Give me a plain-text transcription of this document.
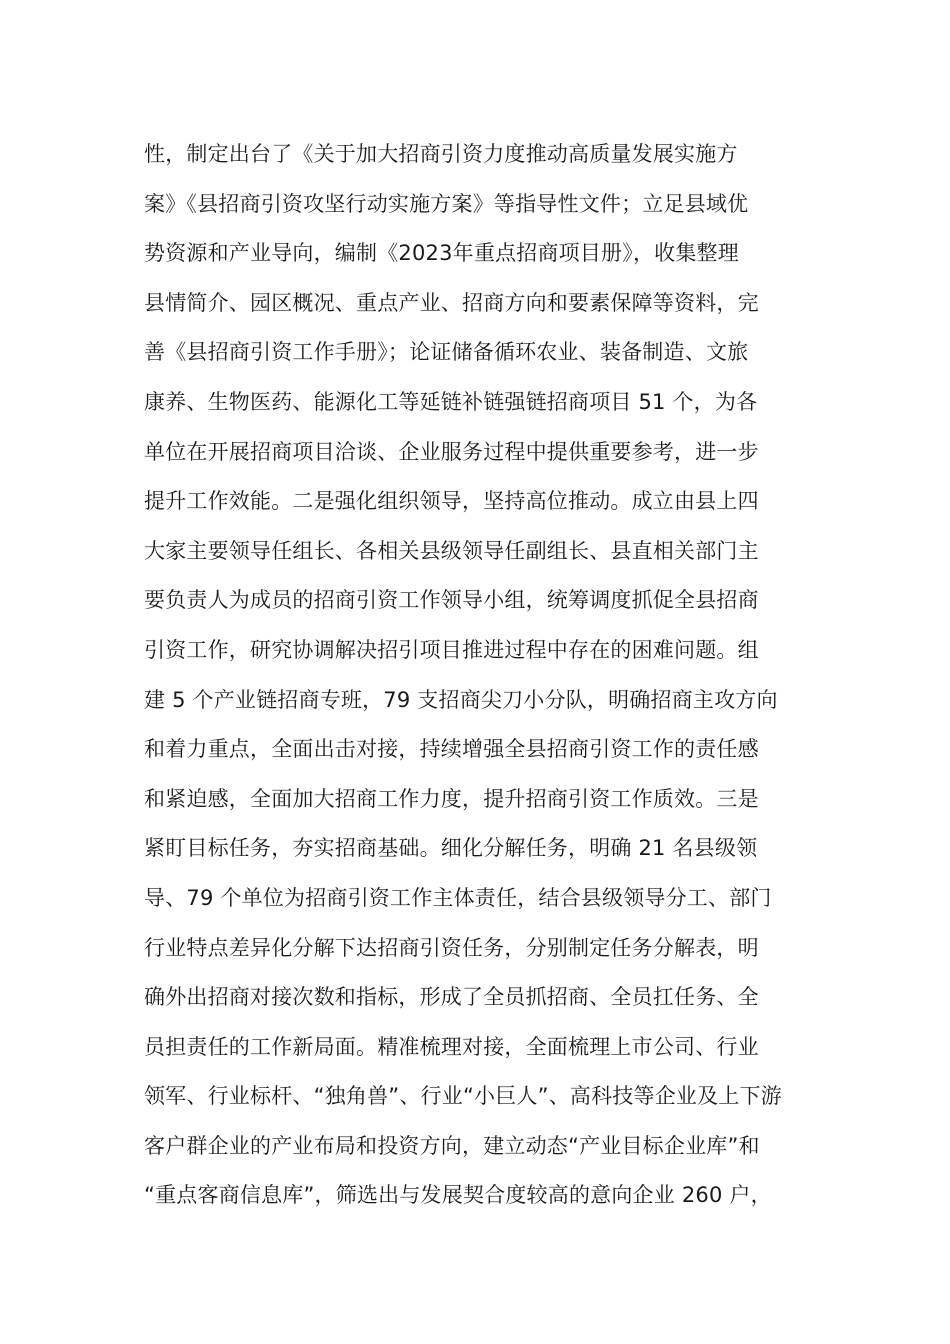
性，制定出台了《关于加大招商引资力度推动高质量发展实施方
案》《县招商引资攻坚行动实施方案》等指导性文件；立足县域优
势资源和产业导向，编制《2023年重点招商项目册》，收集整理
县情简介、园区概况、重点产业、招商方向和要素保障等资料，完
善《县招商引资工作手册》；论证储备循环农业、装备制造、文旅
康养、生物医药、能源化工等延链补链强链招商项目 51 个，为各
单位在开展招商项目洽谈、企业服务过程中提供重要参考，进一步
提升工作效能。二是强化组织领导，坚持高位推动。成立由县上四
大家主要领导任组长、各相关县级领导任副组长、县直相关部门主
要负责人为成员的招商引资工作领导小组，统筹调度抓促全县招商
引资工作，研究协调解决招引项目推进过程中存在的困难问题。组
建 5 个产业链招商专班，79 支招商尖刀小分队，明确招商主攻方向
和着力重点，全面出击对接，持续增强全县招商引资工作的责任感
和紧迫感，全面加大招商工作力度，提升招商引资工作质效。三是
紧盯目标任务，夯实招商基础。细化分解任务，明确 21 名县级领
导、79 个单位为招商引资工作主体责任，结合县级领导分工、部门
行业特点差异化分解下达招商引资任务，分别制定任务分解表，明
确外出招商对接次数和指标，形成了全员抓招商、全员扛任务、全
员担责任的工作新局面。精准梳理对接，全面梳理上市公司、行业
领军、行业标杆、“独角兽”、行业“小巨人”、高科技等企业及上下游
客户群企业的产业布局和投资方向，建立动态“产业目标企业库”和
“重点客商信息库”，筛选出与发展契合度较高的意向企业 260 户，
